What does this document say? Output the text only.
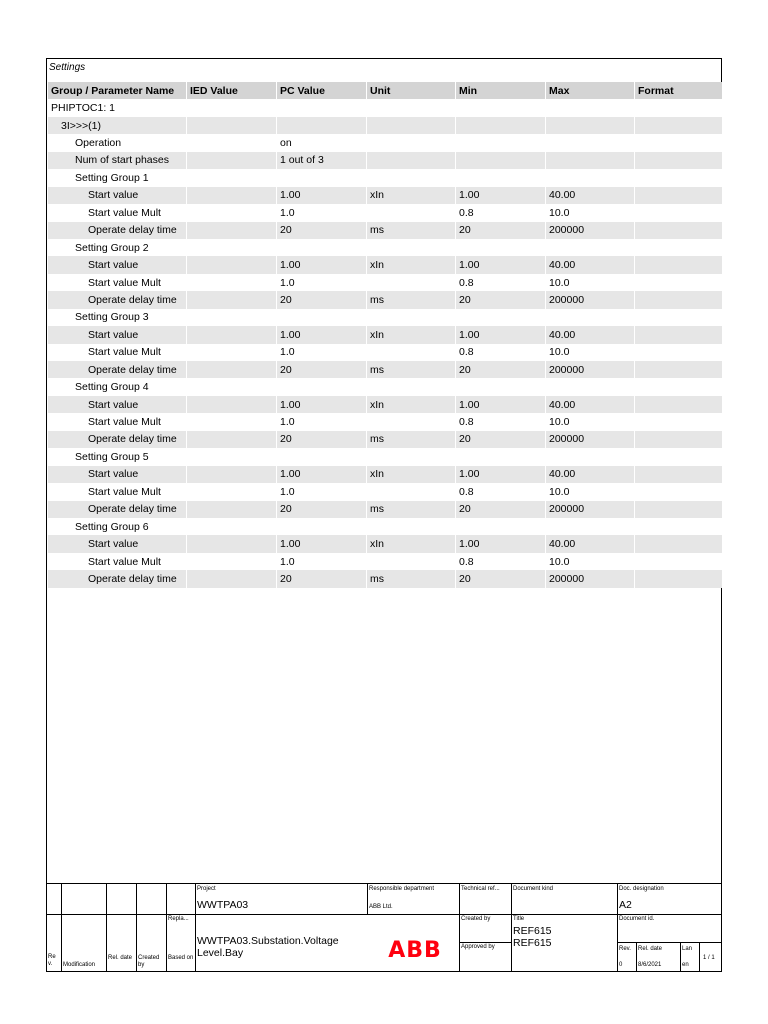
Settings
Group / Parameter Name	IED Value	PC Value	Unit	Min	Max	Format
PHIPTOC1: 1						
3I>>>(1)						
Operation		on				
Num of start phases		1 out of 3				
Setting Group 1						
Start value		1.00	xIn	1.00	40.00	
Start value Mult		1.0		0.8	10.0	
Operate delay time		20	ms	20	200000	
Setting Group 2						
Start value		1.00	xIn	1.00	40.00	
Start value Mult		1.0		0.8	10.0	
Operate delay time		20	ms	20	200000	
Setting Group 3						
Start value		1.00	xIn	1.00	40.00	
Start value Mult		1.0		0.8	10.0	
Operate delay time		20	ms	20	200000	
Setting Group 4						
Start value		1.00	xIn	1.00	40.00	
Start value Mult		1.0		0.8	10.0	
Operate delay time		20	ms	20	200000	
Setting Group 5						
Start value		1.00	xIn	1.00	40.00	
Start value Mult		1.0		0.8	10.0	
Operate delay time		20	ms	20	200000	
Setting Group 6						
Start value		1.00	xIn	1.00	40.00	
Start value Mult		1.0		0.8	10.0	
Operate delay time		20	ms	20	200000	
Project
WWTPA03
Responsible department
ABB Ltd.
Technical ref... Document kind	Doc. designation
A2
Repla...
WWTPA03.Substation.Voltage Level.Bay	ABB
Created by
Approved by
Title
REF615
REF615
Document id.
Rev.
0
Rel. date
8/6/2021
Lan
en
1 / 1
Re v.	Modification
Rel. date Created by
Based on
